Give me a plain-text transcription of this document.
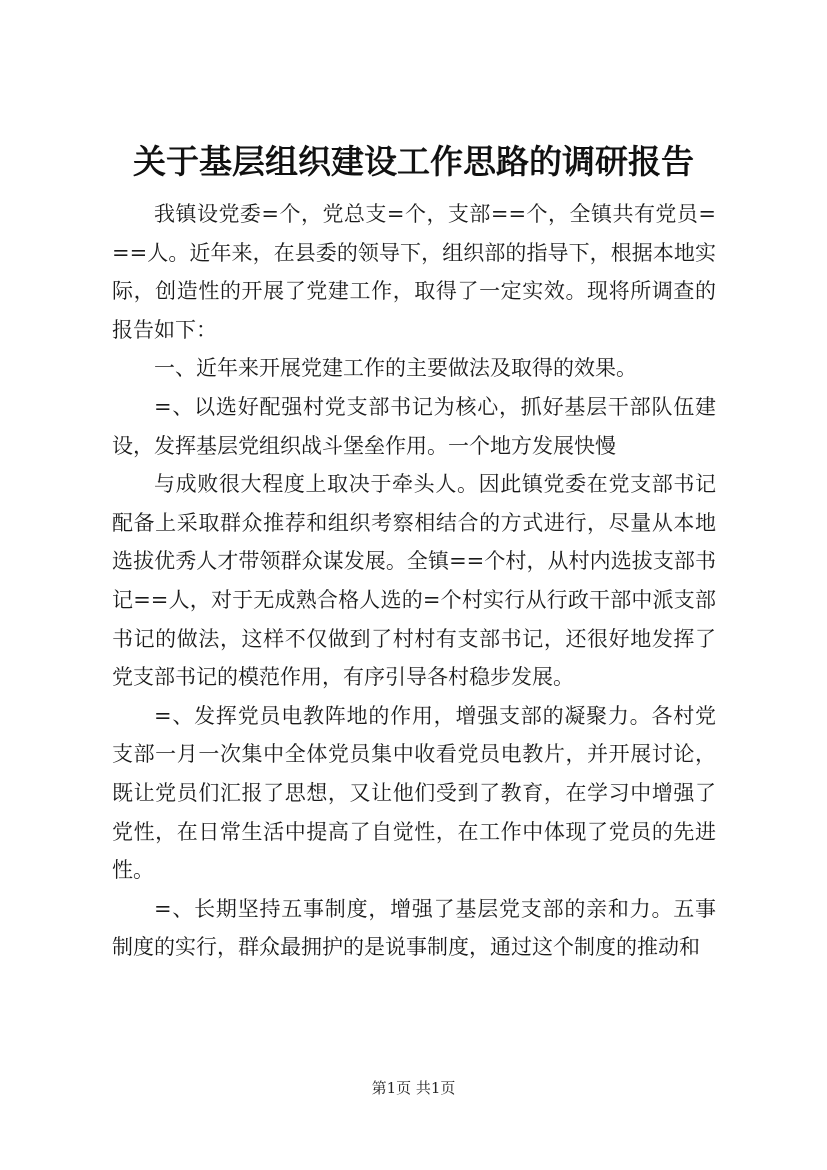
关于基层组织建设工作思路的调研报告

我镇设党委=个，党总支=个，支部==个，全镇共有党员===人。近年来，在县委的领导下，组织部的指导下，根据本地实际，创造性的开展了党建工作，取得了一定实效。现将所调查的报告如下：

一、近年来开展党建工作的主要做法及取得的效果。

=、以选好配强村党支部书记为核心，抓好基层干部队伍建设，发挥基层党组织战斗堡垒作用。一个地方发展快慢

与成败很大程度上取决于牵头人。因此镇党委在党支部书记配备上采取群众推荐和组织考察相结合的方式进行，尽量从本地选拔优秀人才带领群众谋发展。全镇==个村，从村内选拔支部书记==人，对于无成熟合格人选的=个村实行从行政干部中派支部书记的做法，这样不仅做到了村村有支部书记，还很好地发挥了党支部书记的模范作用，有序引导各村稳步发展。

=、发挥党员电教阵地的作用，增强支部的凝聚力。各村党支部一月一次集中全体党员集中收看党员电教片，并开展讨论，既让党员们汇报了思想，又让他们受到了教育，在学习中增强了党性，在日常生活中提高了自觉性，在工作中体现了党员的先进性。

=、长期坚持五事制度，增强了基层党支部的亲和力。五事制度的实行，群众最拥护的是说事制度，通过这个制度的推动和

第1页 共1页
